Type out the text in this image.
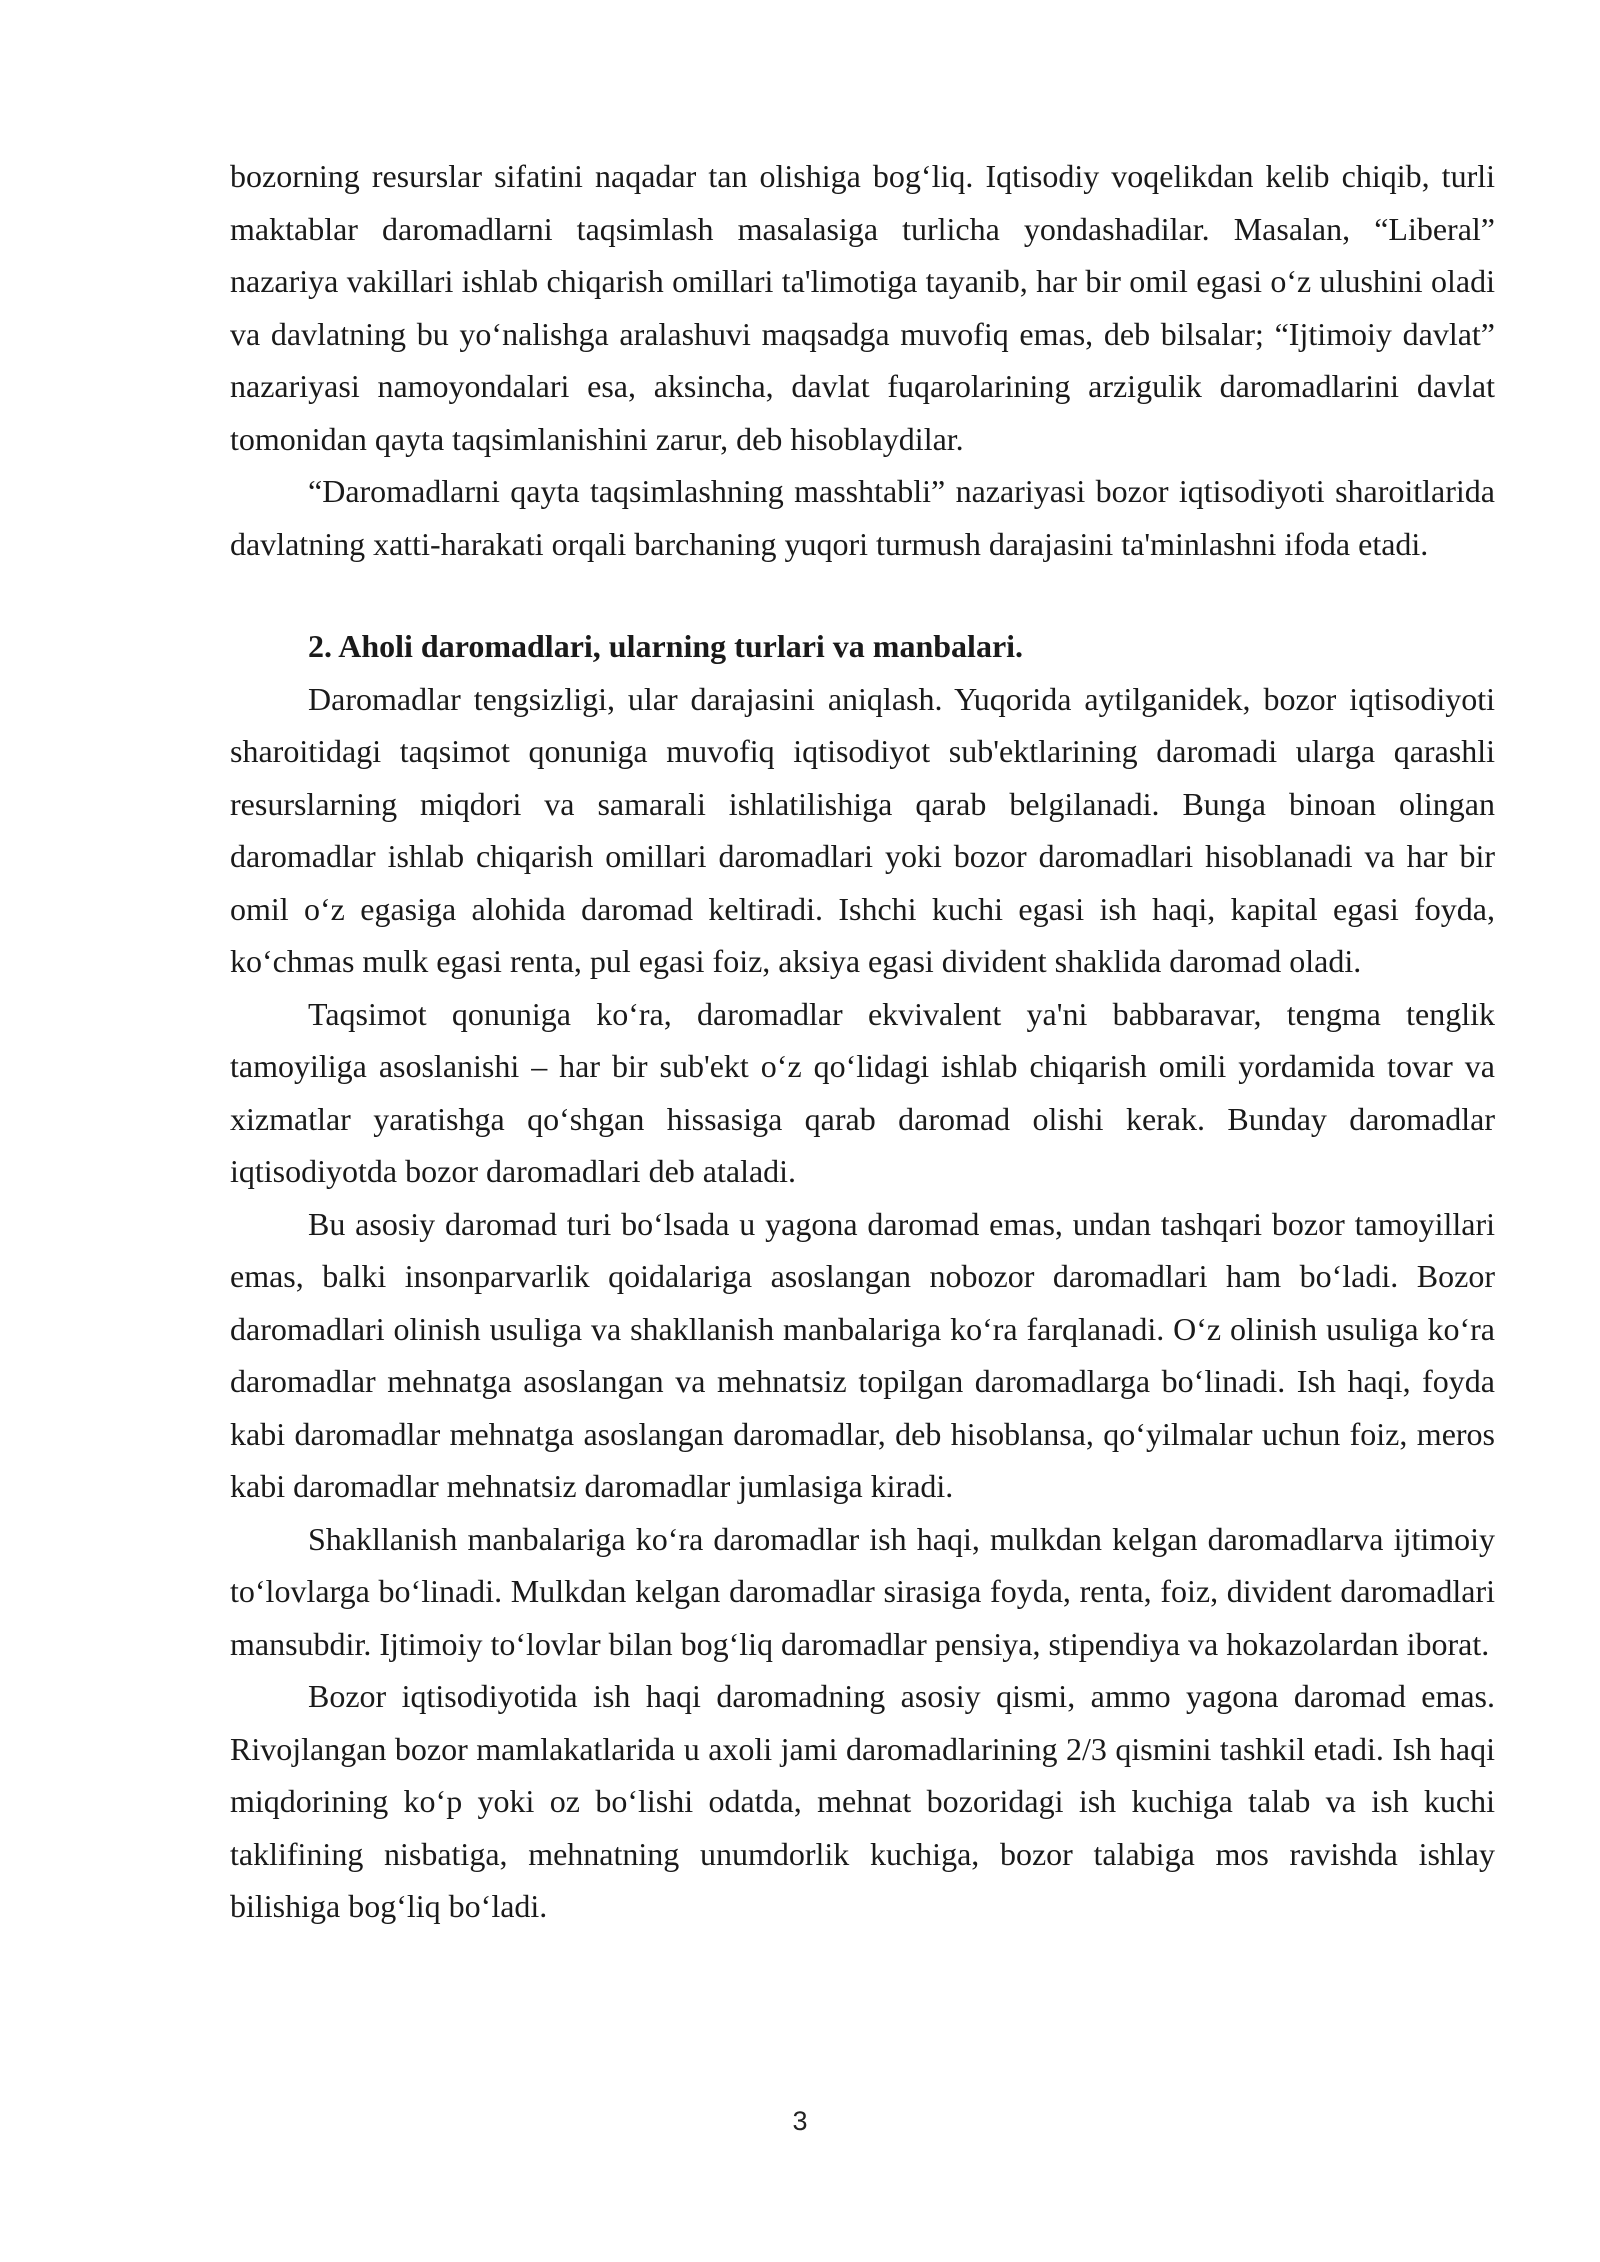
bozorning resurslar sifatini naqadar tan olishiga bog‘liq. Iqtisodiy voqelikdan kelib chiqib, turli maktablar daromadlarni taqsimlash masalasiga turlicha yondashadilar. Masalan, “Liberal” nazariya vakillari ishlab chiqarish omillari ta'limotiga tayanib, har bir omil egasi o‘z ulushini oladi va davlatning bu yo‘nalishga aralashuvi maqsadga muvofiq emas, deb bilsalar; “Ijtimoiy davlat” nazariyasi namoyondalari esa, aksincha, davlat fuqarolarining arzigulik daromadlarini davlat tomonidan qayta taqsimlanishini zarur, deb hisoblaydilar.

“Daromadlarni qayta taqsimlashning masshtabli” nazariyasi bozor iqtisodiyoti sharoitlarida davlatning xatti-harakati orqali barchaning yuqori turmush darajasini ta'minlashni ifoda etadi.

2. Aholi daromadlari, ularning turlari va manbalari.

Daromadlar tengsizligi, ular darajasini aniqlash. Yuqorida aytilganidek, bozor iqtisodiyoti sharoitidagi taqsimot qonuniga muvofiq iqtisodiyot sub'ektlarining daromadi ularga qarashli resurslarning miqdori va samarali ishlatilishiga qarab belgilanadi. Bunga binoan olingan daromadlar ishlab chiqarish omillari daromadlari yoki bozor daromadlari hisoblanadi va har bir omil o‘z egasiga alohida daromad keltiradi. Ishchi kuchi egasi ish haqi, kapital egasi foyda, ko‘chmas mulk egasi renta, pul egasi foiz, aksiya egasi divident shaklida daromad oladi.

Taqsimot qonuniga ko‘ra, daromadlar ekvivalent ya'ni babbaravar, tengma tenglik tamoyiliga asoslanishi – har bir sub'ekt o‘z qo‘lidagi ishlab chiqarish omili yordamida tovar va xizmatlar yaratishga qo‘shgan hissasiga qarab daromad olishi kerak. Bunday daromadlar iqtisodiyotda bozor daromadlari deb ataladi.

Bu asosiy daromad turi bo‘lsada u yagona daromad emas, undan tashqari bozor tamoyillari emas, balki insonparvarlik qoidalariga asoslangan nobozor daromadlari ham bo‘ladi. Bozor daromadlari olinish usuliga va shakllanish manbalariga ko‘ra farqlanadi. O‘z olinish usuliga ko‘ra daromadlar mehnatga asoslangan va mehnatsiz topilgan daromadlarga bo‘linadi. Ish haqi, foyda kabi daromadlar mehnatga asoslangan daromadlar, deb hisoblansa, qo‘yilmalar uchun foiz, meros kabi daromadlar mehnatsiz daromadlar jumlasiga kiradi.

Shakllanish manbalariga ko‘ra daromadlar ish haqi, mulkdan kelgan daromadlarva ijtimoiy to‘lovlarga bo‘linadi. Mulkdan kelgan daromadlar sirasiga foyda, renta, foiz, divident daromadlari mansubdir. Ijtimoiy to‘lovlar bilan bog‘liq daromadlar pensiya, stipendiya va hokazolardan iborat.

Bozor iqtisodiyotida ish haqi daromadning asosiy qismi, ammo yagona daromad emas. Rivojlangan bozor mamlakatlarida u axoli jami daromadlarining 2/3 qismini tashkil etadi. Ish haqi miqdorining ko‘p yoki oz bo‘lishi odatda, mehnat bozoridagi ish kuchiga talab va ish kuchi taklifining nisbatiga, mehnatning unumdorlik kuchiga, bozor talabiga mos ravishda ishlay bilishiga bog‘liq bo‘ladi.

3
